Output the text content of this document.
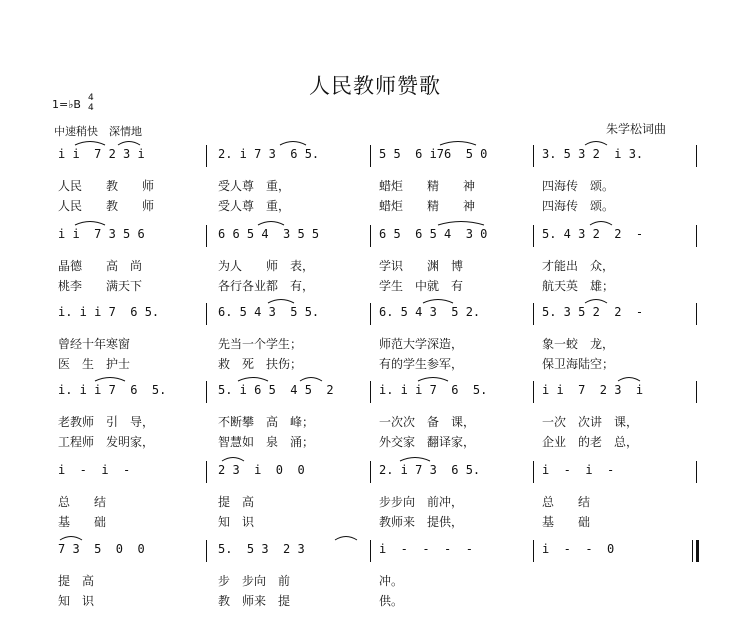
人民教师赞歌
1=♭B 4
4
中速稍快　深情地	朱学松词曲
i i  7 2 3 i	2. i 7 3  6 5.	5 5  6 i76  5 0	3. 5 3 2  i 3.
人民　　教　　师	受人尊　重，	蜡炬　　精　　神	四海传　颂。
人民　　教　　师	受人尊　重，	蜡炬　　精　　神	四海传　颂。
i i  7 3 5 6	6 6 5 4  3 5 5	6 5  6 5 4  3 0	5. 4 3 2  2  -
晶德　　高　尚	为人　　师　表，	学识　　渊　博	才能出　众，
桃李　　满天下	各行各业都　有，	学生　中就　有	航天英　雄；
i. i i 7  6 5.	6. 5 4 3  5 5.	6. 5 4 3  5 2.	5. 3 5 2  2  -
曾经十年寒窗	先当一个学生；	师范大学深造，	象一蛟　龙，
医　生　护士	救　死　扶伤；	有的学生参军，	保卫海陆空；
i. i i 7  6  5.	5. i 6 5  4 5  2	i. i i 7  6  5.	i i  7  2 3  i
老教师　引　导，	不断攀　高　峰；	一次次　备　课，	一次　次讲　课，
工程师　发明家，	智慧如　泉　涌；	外交家　翻译家，	企业　的老　总，
i  -  i  -	2 3  i  0  0	2. i 7 3  6 5.	i  -  i  -
总　　结	提　高	步步向　前冲，	总　　结
基　　础	知　识	教师来　提供，	基　　础
7 3  5  0  0	5.  5 3  2 3	i  -  -  -  -	i  -  -  0
提　高	步　步向　前	冲。
知　识	教　师来　提	供。
